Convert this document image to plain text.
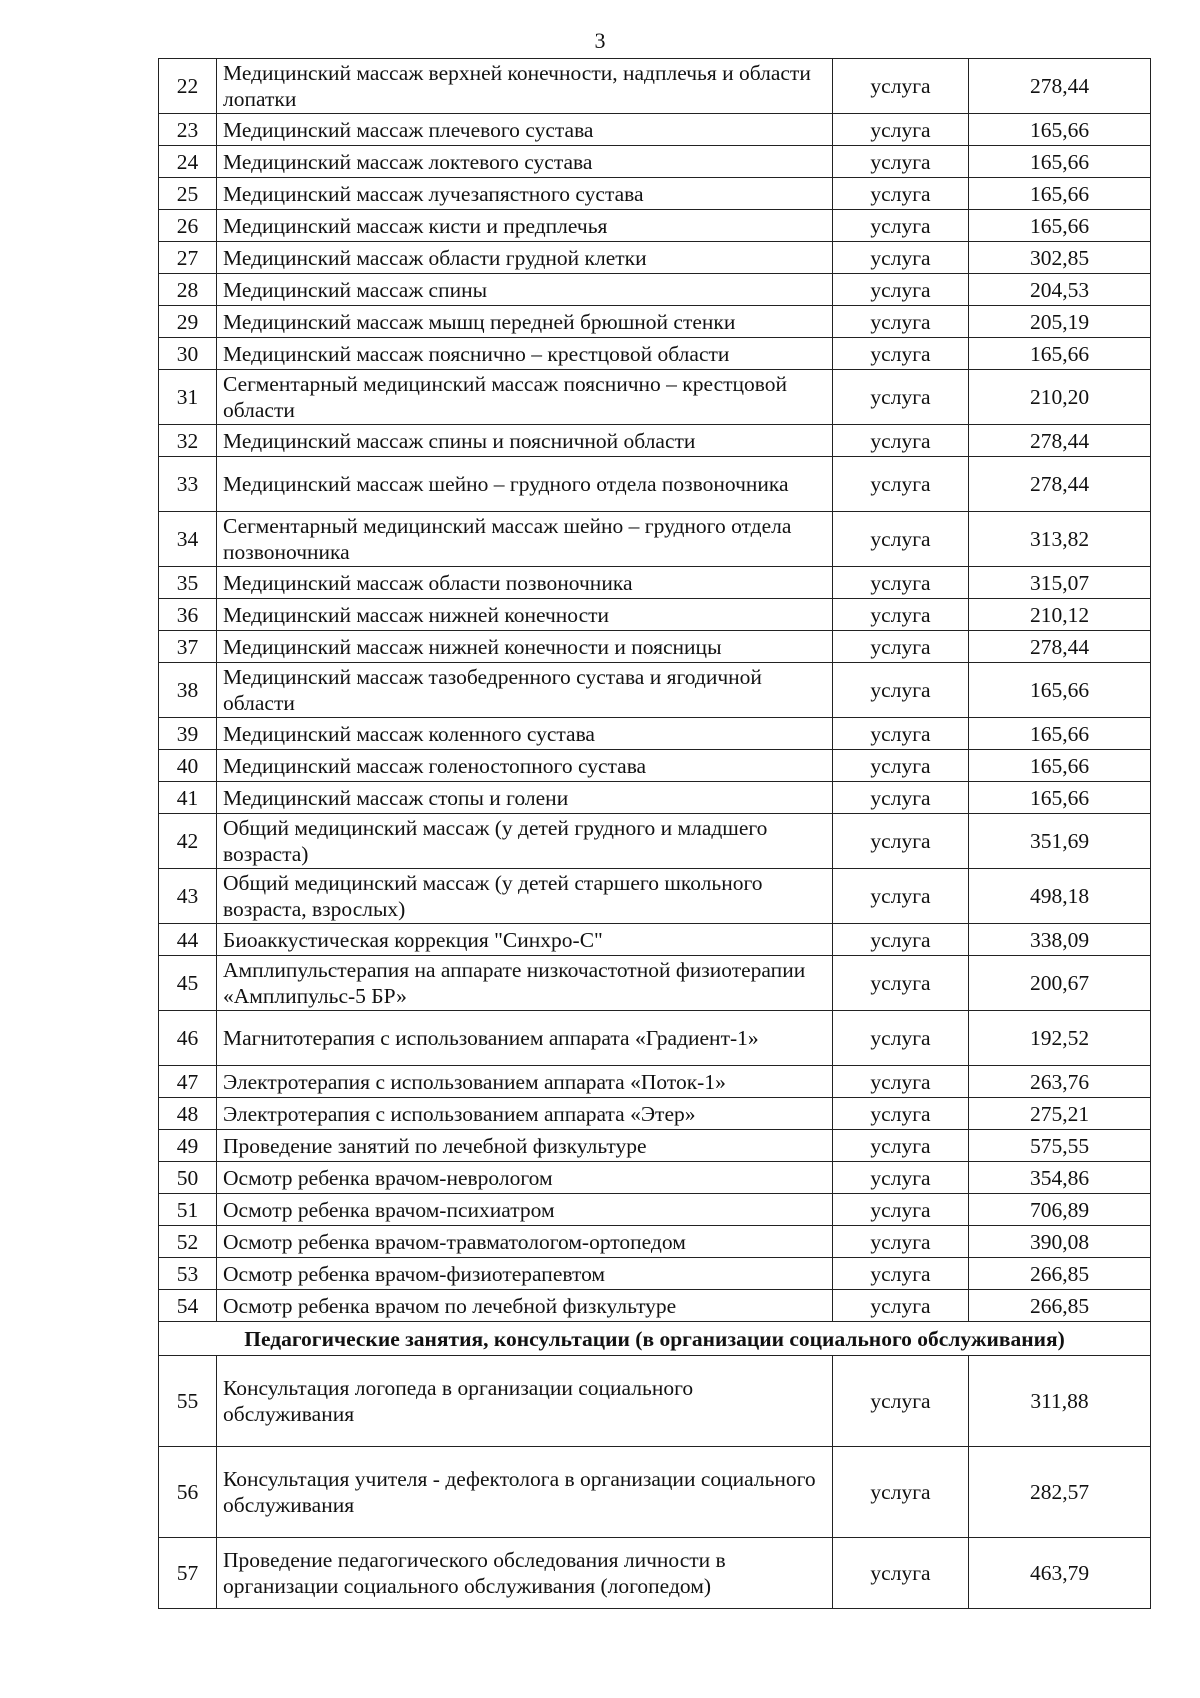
3
22	Медицинский массаж верхней конечности, надплечья и области лопатки	услуга	278,44
23	Медицинский массаж плечевого сустава	услуга	165,66
24	Медицинский массаж локтевого сустава	услуга	165,66
25	Медицинский массаж лучезапястного сустава	услуга	165,66
26	Медицинский массаж кисти и предплечья	услуга	165,66
27	Медицинский массаж области грудной клетки	услуга	302,85
28	Медицинский массаж спины	услуга	204,53
29	Медицинский массаж мышц передней брюшной стенки	услуга	205,19
30	Медицинский массаж пояснично – крестцовой области	услуга	165,66
31	Сегментарный медицинский массаж пояснично – крестцовой области	услуга	210,20
32	Медицинский массаж спины и поясничной области	услуга	278,44
33	Медицинский массаж шейно – грудного отдела позвоночника	услуга	278,44
34	Сегментарный медицинский массаж шейно – грудного отдела позвоночника	услуга	313,82
35	Медицинский массаж области позвоночника	услуга	315,07
36	Медицинский массаж нижней конечности	услуга	210,12
37	Медицинский массаж нижней конечности и поясницы	услуга	278,44
38	Медицинский массаж тазобедренного сустава и ягодичной области	услуга	165,66
39	Медицинский массаж коленного сустава	услуга	165,66
40	Медицинский массаж голеностопного сустава	услуга	165,66
41	Медицинский массаж стопы и голени	услуга	165,66
42	Общий медицинский массаж (у детей грудного и младшего возраста)	услуга	351,69
43	Общий медицинский массаж (у детей старшего школьного возраста, взрослых)	услуга	498,18
44	Биоаккустическая коррекция "Синхро-С"	услуга	338,09
45	Амплипульстерапия на аппарате низкочастотной физиотерапии «Амплипульс-5 БР»	услуга	200,67
46	Магнитотерапия с использованием аппарата «Градиент-1»	услуга	192,52
47	Электротерапия с использованием аппарата «Поток-1»	услуга	263,76
48	Электротерапия с использованием аппарата «Этер»	услуга	275,21
49	Проведение занятий по лечебной физкультуре	услуга	575,55
50	Осмотр ребенка врачом-неврологом	услуга	354,86
51	Осмотр ребенка врачом-психиатром	услуга	706,89
52	Осмотр ребенка врачом-травматологом-ортопедом	услуга	390,08
53	Осмотр ребенка врачом-физиотерапевтом	услуга	266,85
54	Осмотр ребенка врачом по лечебной физкультуре	услуга	266,85
Педагогические занятия, консультации (в организации социального обслуживания)			
55	Консультация логопеда в организации социального обслуживания	услуга	311,88
56	Консультация учителя - дефектолога в организации социального обслуживания	услуга	282,57
57	Проведение педагогического обследования личности в организации социального обслуживания (логопедом)	услуга	463,79
